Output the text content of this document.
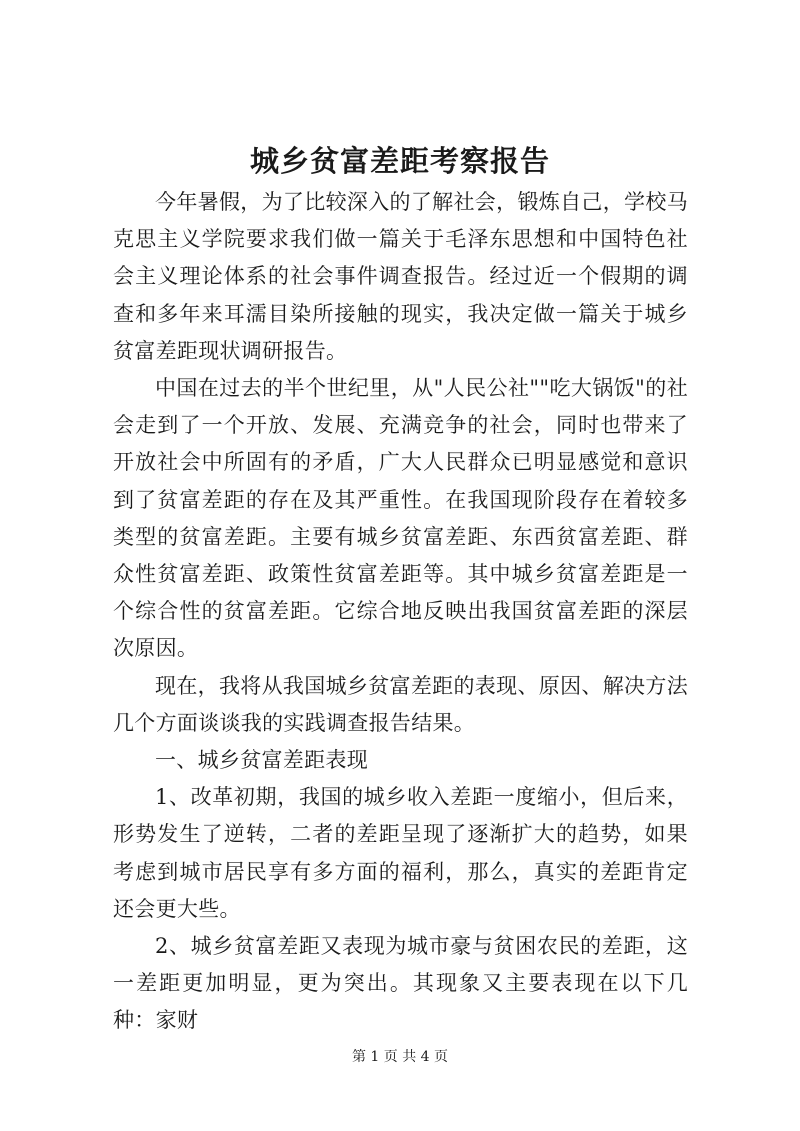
城乡贫富差距考察报告

今年暑假，为了比较深入的了解社会，锻炼自己，学校马克思主义学院要求我们做一篇关于毛泽东思想和中国特色社会主义理论体系的社会事件调查报告。经过近一个假期的调查和多年来耳濡目染所接触的现实，我决定做一篇关于城乡贫富差距现状调研报告。

中国在过去的半个世纪里，从"人民公社""吃大锅饭"的社会走到了一个开放、发展、充满竞争的社会，同时也带来了开放社会中所固有的矛盾，广大人民群众已明显感觉和意识到了贫富差距的存在及其严重性。在我国现阶段存在着较多类型的贫富差距。主要有城乡贫富差距、东西贫富差距、群众性贫富差距、政策性贫富差距等。其中城乡贫富差距是一个综合性的贫富差距。它综合地反映出我国贫富差距的深层次原因。

现在，我将从我国城乡贫富差距的表现、原因、解决方法几个方面谈谈我的实践调查报告结果。

一、城乡贫富差距表现

1、改革初期，我国的城乡收入差距一度缩小，但后来，形势发生了逆转，二者的差距呈现了逐渐扩大的趋势，如果考虑到城市居民享有多方面的福利，那么，真实的差距肯定还会更大些。

2、城乡贫富差距又表现为城市豪与贫困农民的差距，这一差距更加明显，更为突出。其现象又主要表现在以下几种：家财

第 1 页 共 4 页
